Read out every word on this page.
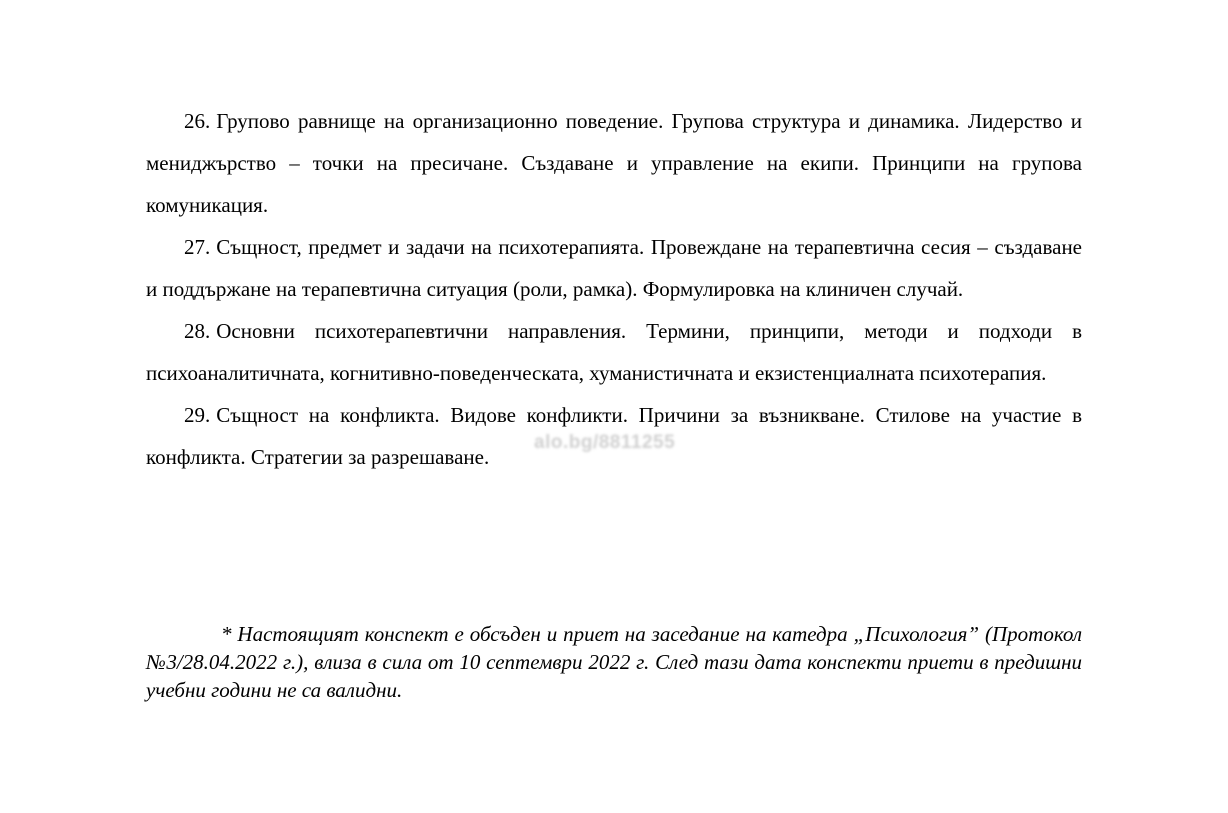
26. Групово равнище на организационно поведение. Групова структура и динамика. Лидерство и мениджърство – точки на пресичане. Създаване и управление на екипи. Принципи на групова комуникация.

27. Същност, предмет и задачи на психотерапията. Провеждане на терапевтична сесия – създаване и поддържане на терапевтична ситуация (роли, рамка). Формулировка на клиничен случай.

28. Основни психотерапевтични направления. Термини, принципи, методи и подходи в психоаналитичната, когнитивно-поведенческата, хуманистичната и екзистенциалната психотерапия.

29. Същност на конфликта. Видове конфликти. Причини за възникване. Стилове на участие в конфликта. Стратегии за разрешаване.

* Настоящият конспект е обсъден и приет на заседание на катедра „Психология” (Протокол №3/28.04.2022 г.), влиза в сила от 10 септември 2022 г. След тази дата конспекти приети в предишни учебни години не са валидни.

alo.bg/8811255
